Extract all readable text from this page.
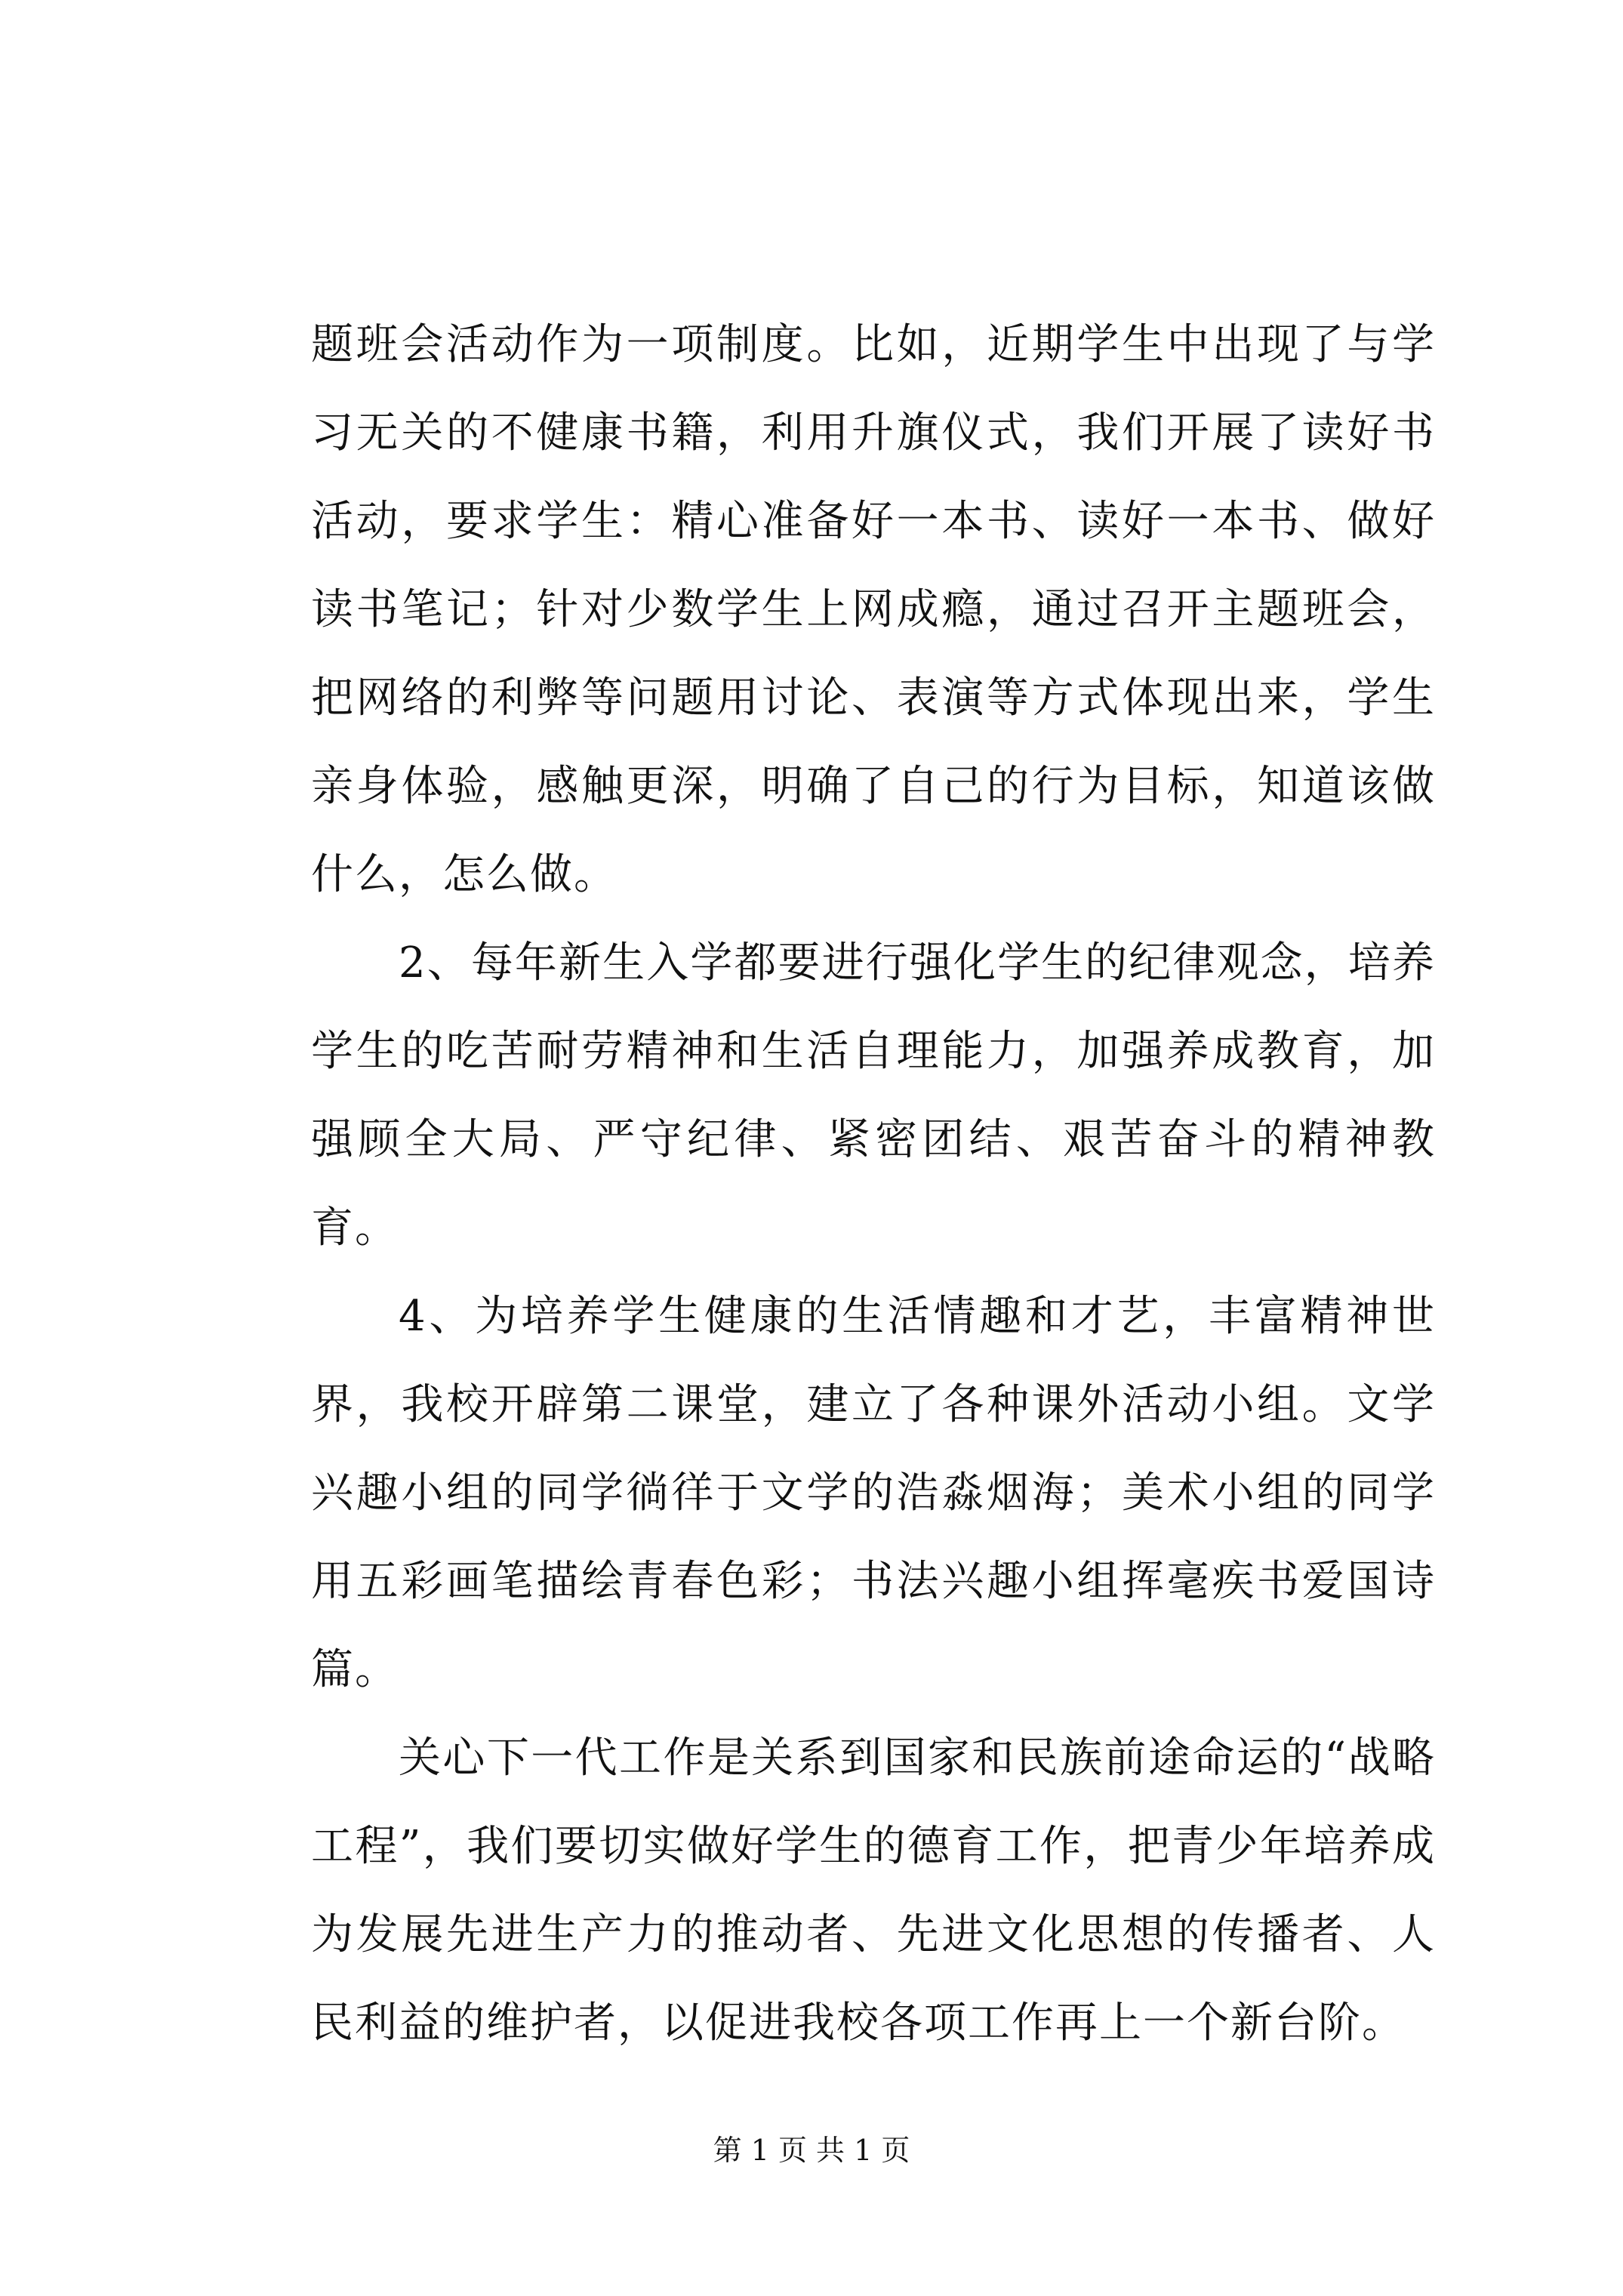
题班会活动作为一项制度。比如，近期学生中出现了与学习无关的不健康书籍，利用升旗仪式，我们开展了读好书活动，要求学生：精心准备好一本书、读好一本书、做好读书笔记；针对少数学生上网成瘾，通过召开主题班会，把网络的利弊等问题用讨论、表演等方式体现出来，学生亲身体验，感触更深，明确了自己的行为目标，知道该做什么，怎么做。

2、每年新生入学都要进行强化学生的纪律观念，培养学生的吃苦耐劳精神和生活自理能力，加强养成教育，加强顾全大局、严守纪律、紧密团结、艰苦奋斗的精神教育。

4、为培养学生健康的生活情趣和才艺，丰富精神世界，我校开辟第二课堂，建立了各种课外活动小组。文学兴趣小组的同学徜徉于文学的浩淼烟海；美术小组的同学用五彩画笔描绘青春色彩；书法兴趣小组挥毫疾书爱国诗篇。

关心下一代工作是关系到国家和民族前途命运的“战略工程”，我们要切实做好学生的德育工作，把青少年培养成为发展先进生产力的推动者、先进文化思想的传播者、人民利益的维护者，以促进我校各项工作再上一个新台阶。

第 1 页 共 1 页
